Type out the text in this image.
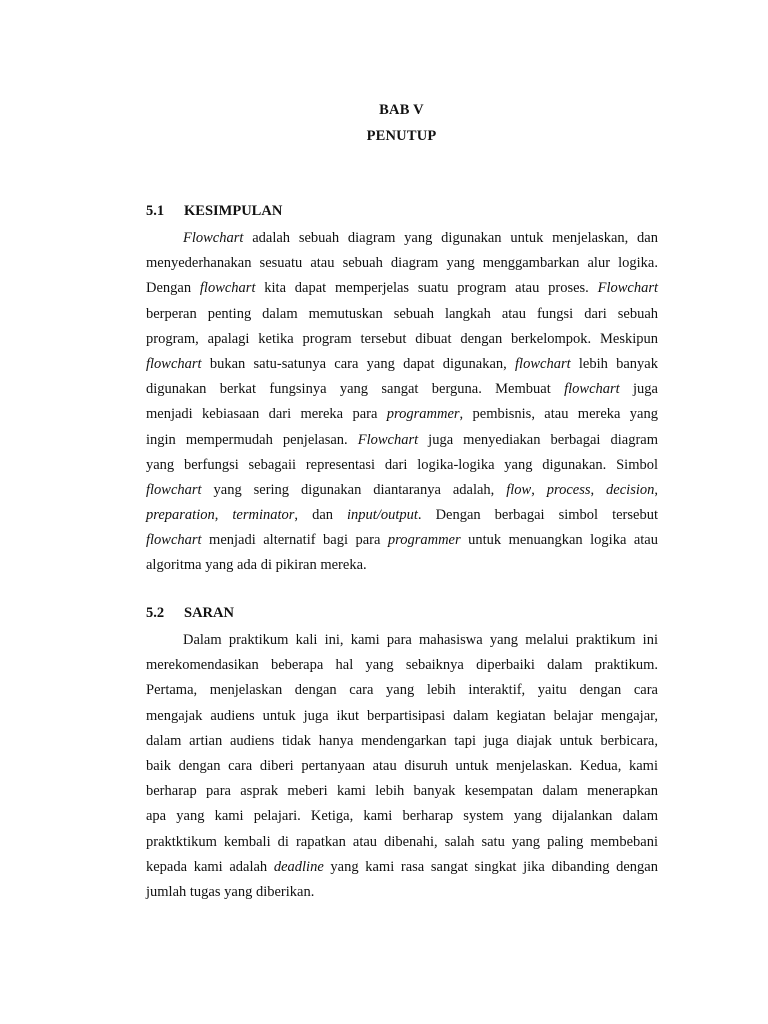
BAB V
PENUTUP
5.1 KESIMPULAN
Flowchart adalah sebuah diagram yang digunakan untuk menjelaskan, dan
menyederhanakan sesuatu atau sebuah diagram yang menggambarkan alur logika.
Dengan flowchart kita dapat memperjelas suatu program atau proses. Flowchart
berperan penting dalam memutuskan sebuah langkah atau fungsi dari sebuah
program, apalagi ketika program tersebut dibuat dengan berkelompok. Meskipun
flowchart bukan satu-satunya cara yang dapat digunakan, flowchart lebih banyak
digunakan berkat fungsinya yang sangat berguna. Membuat flowchart juga
menjadi kebiasaan dari mereka para programmer, pembisnis, atau mereka yang
ingin mempermudah penjelasan. Flowchart juga menyediakan berbagai diagram
yang berfungsi sebagaii representasi dari logika-logika yang digunakan. Simbol
flowchart yang sering digunakan diantaranya adalah, flow, process, decision,
preparation, terminator, dan input/output. Dengan berbagai simbol tersebut
flowchart menjadi alternatif bagi para programmer untuk menuangkan logika atau
algoritma yang ada di pikiran mereka.
5.2 SARAN
Dalam praktikum kali ini, kami para mahasiswa yang melalui praktikum ini
merekomendasikan beberapa hal yang sebaiknya diperbaiki dalam praktikum.
Pertama, menjelaskan dengan cara yang lebih interaktif, yaitu dengan cara
mengajak audiens untuk juga ikut berpartisipasi dalam kegiatan belajar mengajar,
dalam artian audiens tidak hanya mendengarkan tapi juga diajak untuk berbicara,
baik dengan cara diberi pertanyaan atau disuruh untuk menjelaskan. Kedua, kami
berharap para asprak meberi kami lebih banyak kesempatan dalam menerapkan
apa yang kami pelajari. Ketiga, kami berharap system yang dijalankan dalam
praktktikum kembali di rapatkan atau dibenahi, salah satu yang paling membebani
kepada kami adalah deadline yang kami rasa sangat singkat jika dibanding dengan
jumlah tugas yang diberikan.
